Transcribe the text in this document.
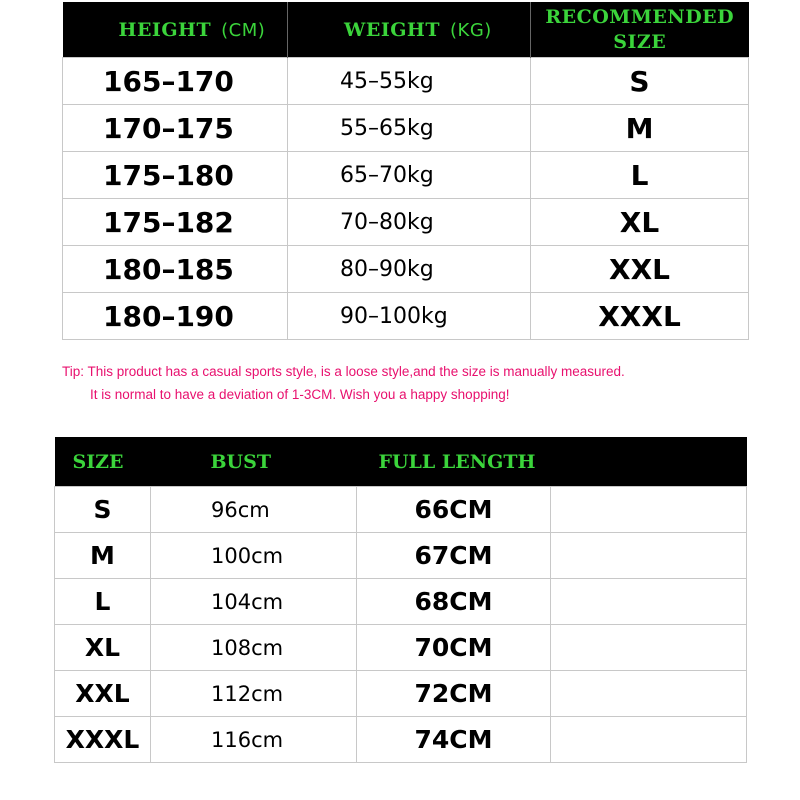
HEIGHT (CM)	WEIGHT (KG)	RECOMMENDED
SIZE

165–170	45–55kg	S
170–175	55–65kg	M
175–180	65–70kg	L
175–182	70–80kg	XL
180–185	80–90kg	XXL
180–190	90–100kg	XXXL
Tip: This product has a casual sports style, is a loose style,and the size is manually measured.
It is normal to have a deviation of 1-3CM. Wish you a happy shopping!
SIZE	BUST	FULL LENGTH	
S	96cm	66CM	
M	100cm	67CM	
L	104cm	68CM	
XL	108cm	70CM	
XXL	112cm	72CM	
XXXL	116cm	74CM	
